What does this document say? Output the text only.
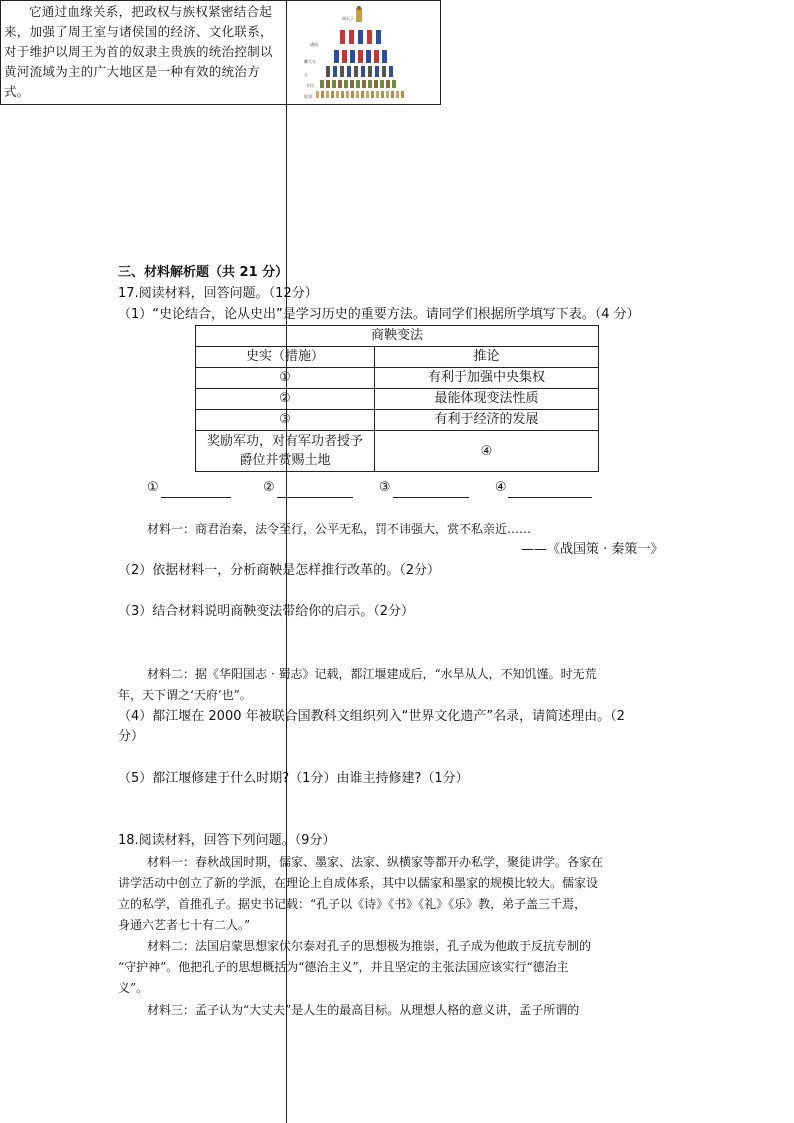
它通过血缘关系，把政权与族权紧密结合起来，加强了周王室与诸侯国的经济、文化联系，对于维护以周王为首的奴隶主贵族的统治控制以黄河流域为主的广大地区是一种有效的统治方式。
周天子
诸侯
卿大夫
士
平民
奴隶
三、材料解析题（共 21 分）
17.阅读材料，回答问题。（12分）
（1）“史论结合，论从史出”是学习历史的重要方法。请同学们根据所学填写下表。（4 分）
商鞅变法	
史实（措施）	推论
①	有利于加强中央集权
②	最能体现变法性质
③	有利于经济的发展
奖励军功，对有军功者授予
爵位并赏赐土地	④
①	②	③	④
材料一：商君治秦，法令至行，公平无私，罚不讳强大，赏不私亲近……
——《战国策 · 秦策一》
（2）依据材料一，分析商鞅是怎样推行改革的。（2分）
（3）结合材料说明商鞅变法带给你的启示。（2分）
材料二：据《华阳国志 · 蜀志》记载，都江堰建成后，“水旱从人，不知饥馑。时无荒
年，天下谓之‘天府’也”。
（4）都江堰在 2000 年被联合国教科文组织列入“世界文化遗产”名录，请简述理由。（2
分）
（5）都江堰修建于什么时期?（1分）由谁主持修建?（1分）
18.阅读材料，回答下列问题。（9分）
材料一：春秋战国时期，儒家、墨家、法家、纵横家等都开办私学，聚徒讲学。各家在
讲学活动中创立了新的学派，在理论上自成体系，其中以儒家和墨家的规模比较大。儒家设
立的私学，首推孔子。据史书记载：“孔子以《诗》《书》《礼》《乐》教，弟子盖三千焉，
身通六艺者七十有二人。”
材料二：法国启蒙思想家伏尔泰对孔子的思想极为推崇，孔子成为他敢于反抗专制的
“守护神”。他把孔子的思想概括为“德治主义”，并且坚定的主张法国应该实行“德治主
义”。
材料三：孟子认为“大丈夫”是人生的最高目标。从理想人格的意义讲，孟子所谓的
